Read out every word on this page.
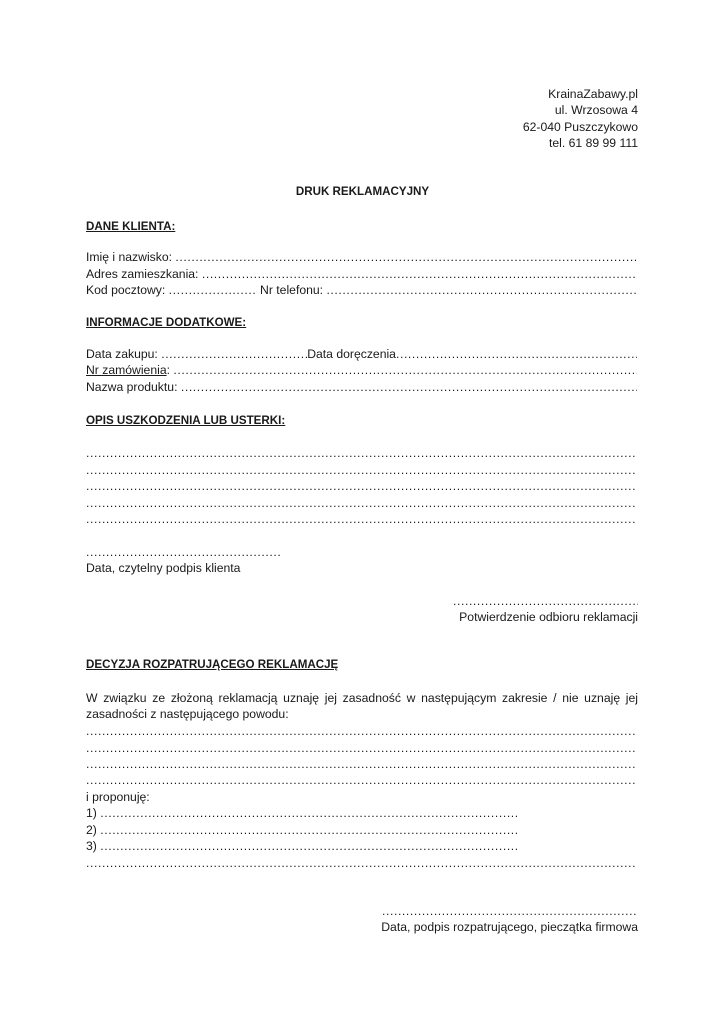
KrainaZabawy.pl
ul. Wrzosowa 4
62-040 Puszczykowo
tel. 61 89 99 111
DRUK REKLAMACYJNY
DANE KLIENTA:
Imię i nazwisko:
.....
Adres zamieszkania:
.....
Kod pocztowy: .....	Nr telefonu:
.....
INFORMACJE DODATKOWE:
Data zakupu: .....	Data doręczenia
.....
Nr zamówienia :
.....
Nazwa produktu:
.....
OPIS USZKODZENIA LUB USTERKI:
.....
.....
.....
.....
.....
.....
Data, czytelny podpis klienta
.....
Potwierdzenie odbioru reklamacji
DECYZJA ROZPATRUJĄCEGO REKLAMACJĘ
W związku ze złożoną reklamacją uznaję jej zasadność w następującym zakresie / nie uznaję jej zasadności z następującego powodu:
.....
.....
.....
.....
i proponuję:
1)
.....
2)
.....
3)
.....
.....
.....
Data, podpis rozpatrującego, pieczątka firmowa
